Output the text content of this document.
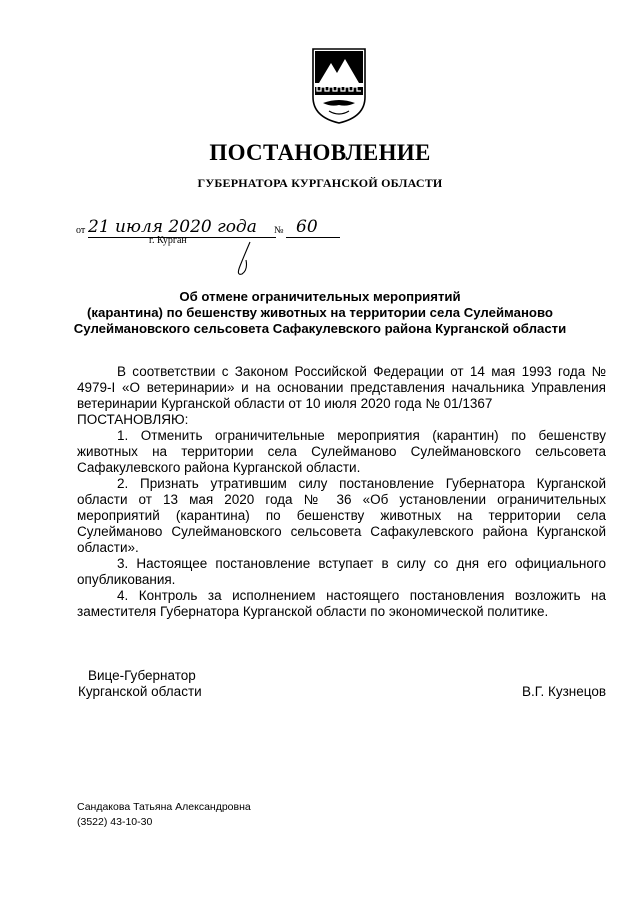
ПОСТАНОВЛЕНИЕ
ГУБЕРНАТОРА КУРГАНСКОЙ ОБЛАСТИ
от 21 июля 2020 года № 60
г. Курган
Об отмене ограничительных мероприятий
(карантина) по бешенству животных на территории села Сулейманово
Сулеймановского сельсовета Сафакулевского района Курганской области

В соответствии с Законом Российской Федерации от 14 мая 1993 года № 4979-I «О ветеринарии» и на основании представления начальника Управления ветеринарии Курганской области от 10 июля 2020 года № 01/1367

ПОСТАНОВЛЯЮ:

1. Отменить ограничительные мероприятия (карантин) по бешенству животных на территории села Сулейманово Сулеймановского сельсовета Сафакулевского района Курганской области.

2. Признать утратившим силу постановление Губернатора Курганской области от 13 мая 2020 года № 36 «Об установлении ограничительных мероприятий (карантина) по бешенству животных на территории села Сулейманово Сулеймановского сельсовета Сафакулевского района Курганской области».

3. Настоящее постановление вступает в силу со дня его официального опубликования.

4. Контроль за исполнением настоящего постановления возложить на заместителя Губернатора Курганской области по экономической политике.

Вице-Губернатор
Курганской области	В.Г. Кузнецов
Сандакова Татьяна Александровна
(3522) 43-10-30
